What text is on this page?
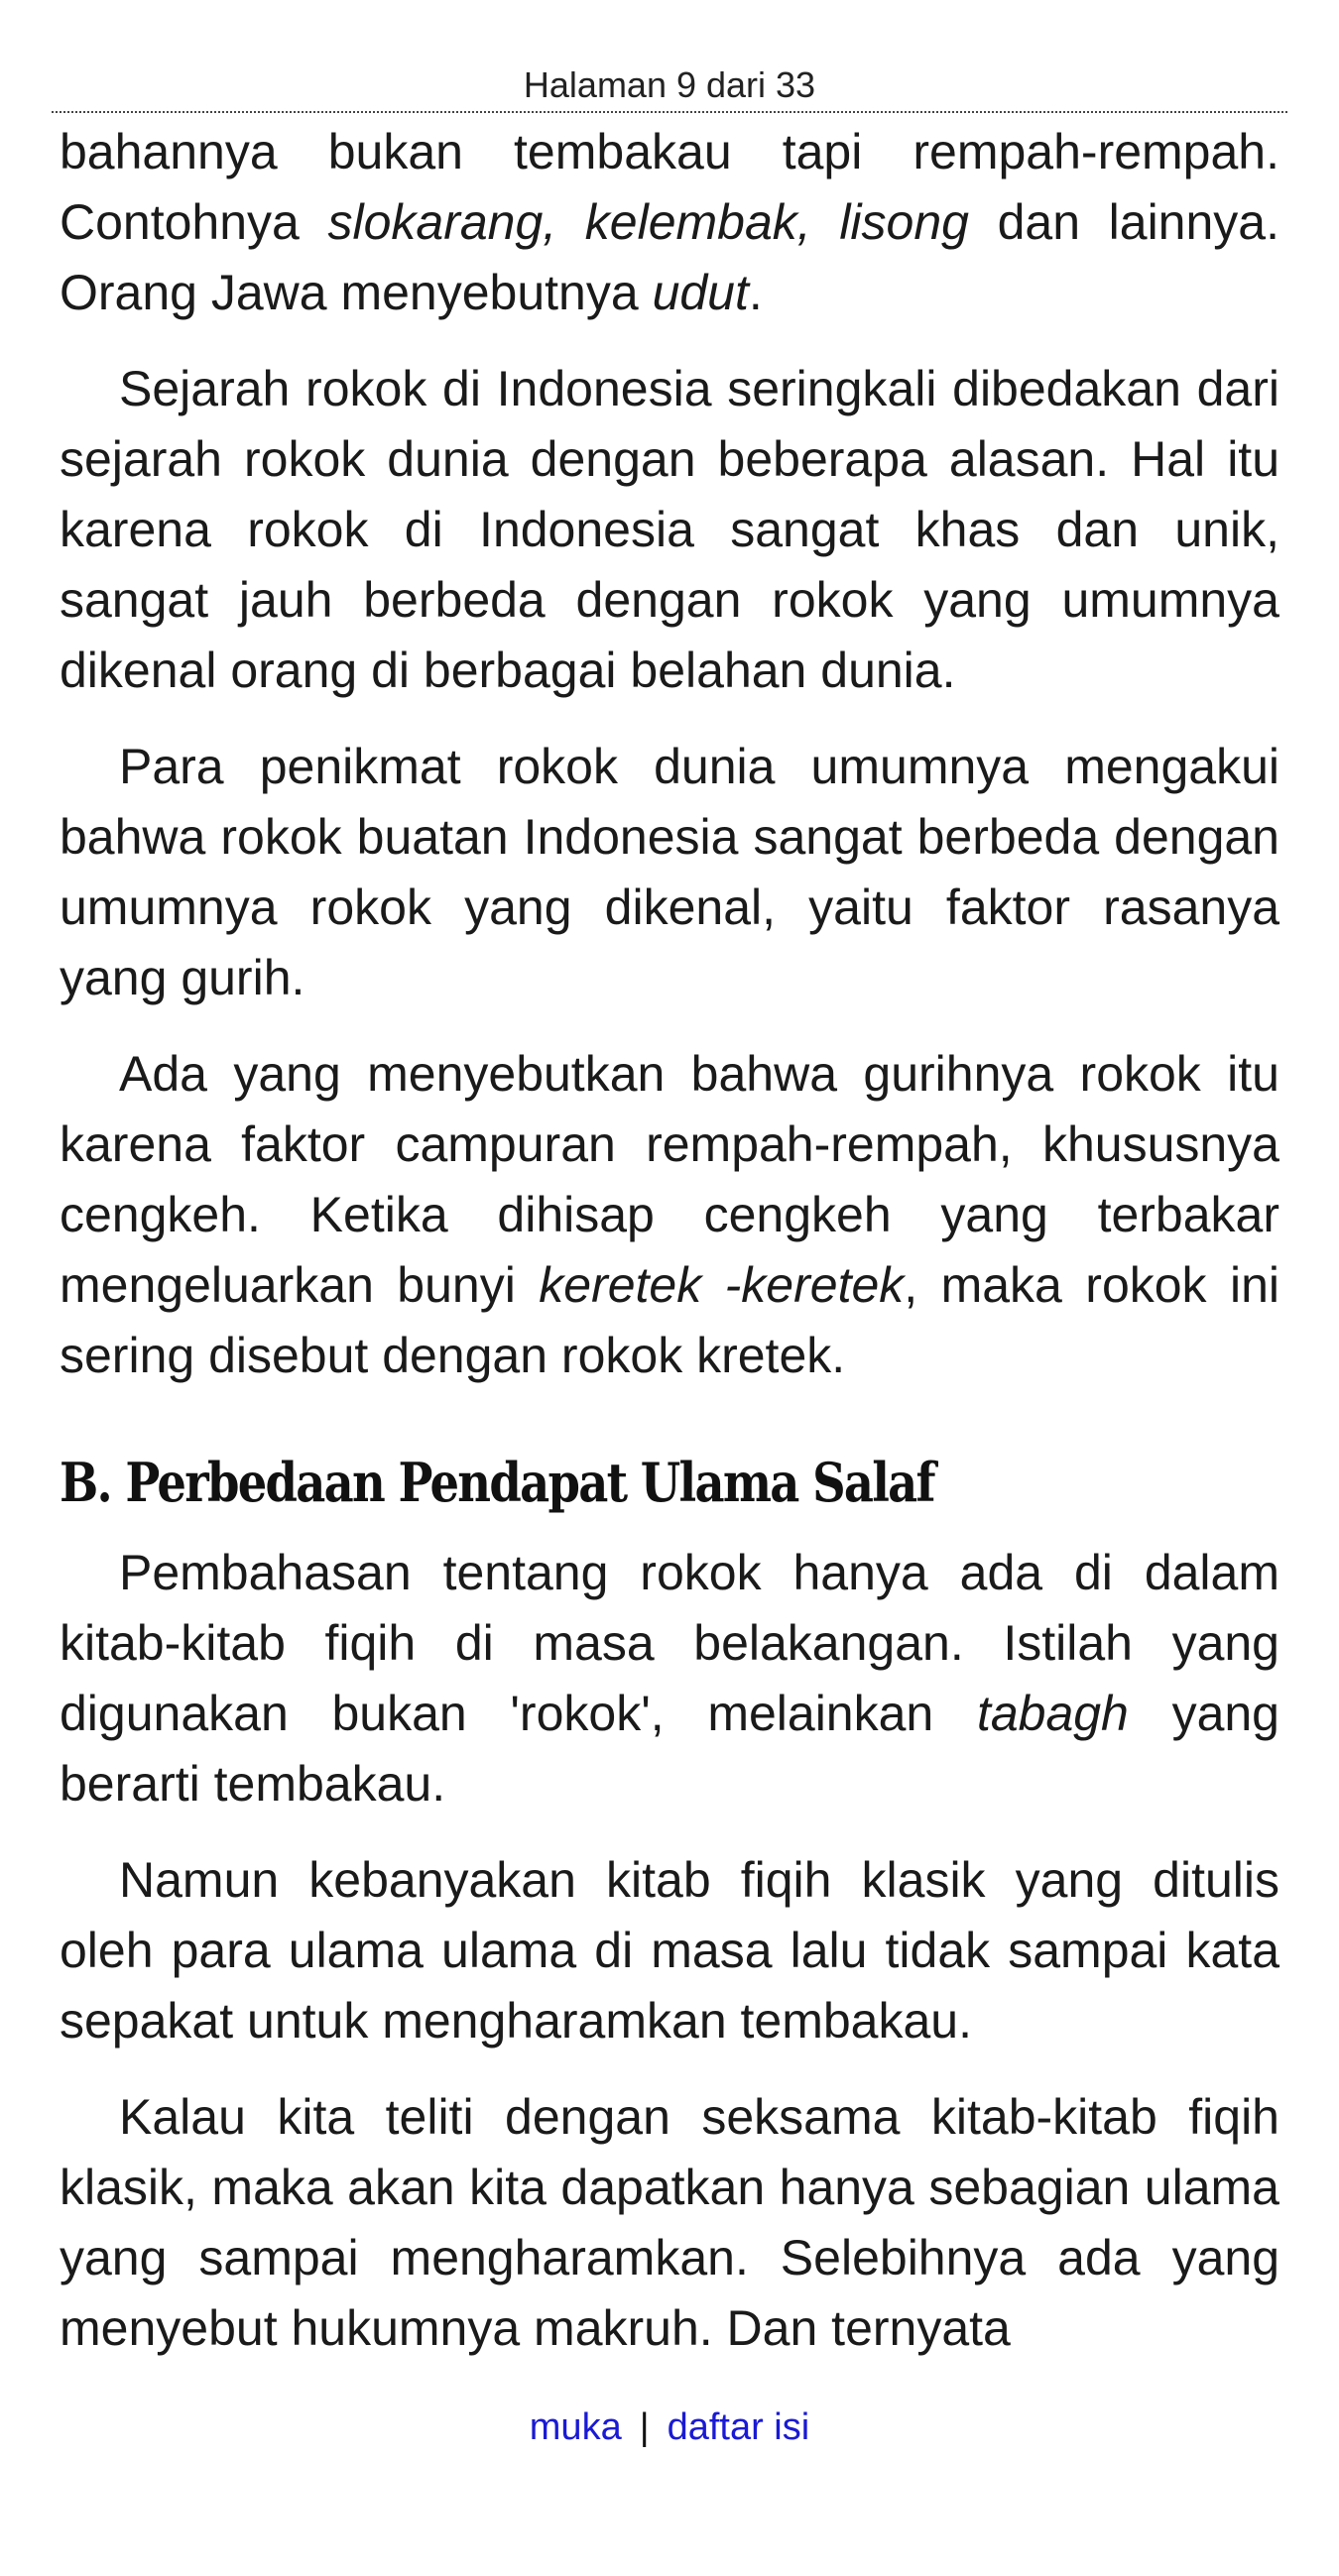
Halaman 9 dari 33

bahannya bukan tembakau tapi rempah-rempah. Contohnya slokarang, kelembak, lisong dan lainnya. Orang Jawa menyebutnya udut.

Sejarah rokok di Indonesia seringkali dibedakan dari sejarah rokok dunia dengan beberapa alasan. Hal itu karena rokok di Indonesia sangat khas dan unik, sangat jauh berbeda dengan rokok yang umumnya dikenal orang di berbagai belahan dunia.

Para penikmat rokok dunia umumnya mengakui bahwa rokok buatan Indonesia sangat berbeda dengan umumnya rokok yang dikenal, yaitu faktor rasanya yang gurih.

Ada yang menyebutkan bahwa gurihnya rokok itu karena faktor campuran rempah-rempah, khususnya cengkeh. Ketika dihisap cengkeh yang terbakar mengeluarkan bunyi keretek -keretek, maka rokok ini sering disebut dengan rokok kretek.

B. Perbedaan Pendapat Ulama Salaf

Pembahasan tentang rokok hanya ada di dalam kitab-kitab fiqih di masa belakangan. Istilah yang digunakan bukan 'rokok', melainkan tabagh yang berarti tembakau.

Namun kebanyakan kitab fiqih klasik yang ditulis oleh para ulama ulama di masa lalu tidak sampai kata sepakat untuk mengharamkan tembakau.

Kalau kita teliti dengan seksama kitab-kitab fiqih klasik, maka akan kita dapatkan hanya sebagian ulama yang sampai mengharamkan. Selebihnya ada yang menyebut hukumnya makruh. Dan ternyata

muka | daftar isi
